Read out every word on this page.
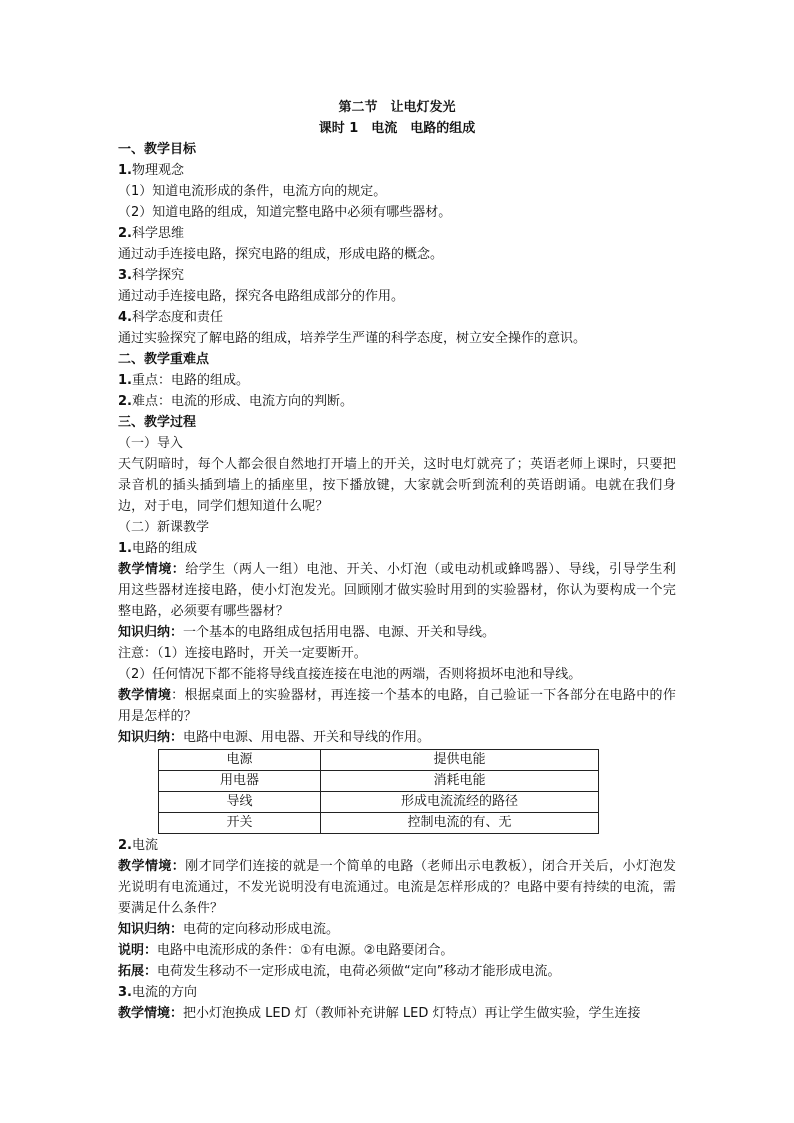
第二节　让电灯发光
课时 1　电流　电路的组成
一、教学目标
1.物理观念
（1）知道电流形成的条件，电流方向的规定。
（2）知道电路的组成，知道完整电路中必须有哪些器材。
2.科学思维
通过动手连接电路，探究电路的组成，形成电路的概念。
3.科学探究
通过动手连接电路，探究各电路组成部分的作用。
4.科学态度和责任
通过实验探究了解电路的组成，培养学生严谨的科学态度，树立安全操作的意识。
二、教学重难点
1.重点：电路的组成。
2.难点：电流的形成、电流方向的判断。
三、教学过程
（一）导入
天气阴暗时，每个人都会很自然地打开墙上的开关，这时电灯就亮了；英语老师上课时，只要把录音机的插头插到墙上的插座里，按下播放键，大家就会听到流利的英语朗诵。电就在我们身边，对于电，同学们想知道什么呢？
（二）新课教学
1.电路的组成
教学情境：给学生（两人一组）电池、开关、小灯泡（或电动机或蜂鸣器）、导线，引导学生利用这些器材连接电路，使小灯泡发光。回顾刚才做实验时用到的实验器材，你认为要构成一个完整电路，必须要有哪些器材？
知识归纳：一个基本的电路组成包括用电器、电源、开关和导线。
注意：（1）连接电路时，开关一定要断开。
（2）任何情况下都不能将导线直接连接在电池的两端，否则将损坏电池和导线。
教学情境：根据桌面上的实验器材，再连接一个基本的电路，自己验证一下各部分在电路中的作用是怎样的？
知识归纳：电路中电源、用电器、开关和导线的作用。
电源	提供电能
用电器	消耗电能
导线	形成电流流经的路径
开关	控制电流的有、无
2.电流
教学情境：刚才同学们连接的就是一个简单的电路（老师出示电教板），闭合开关后，小灯泡发光说明有电流通过，不发光说明没有电流通过。电流是怎样形成的？电路中要有持续的电流，需要满足什么条件？
知识归纳：电荷的定向移动形成电流。
说明：电路中电流形成的条件：①有电源。②电路要闭合。
拓展：电荷发生移动不一定形成电流，电荷必须做“定向”移动才能形成电流。
3.电流的方向
教学情境：把小灯泡换成 LED 灯（教师补充讲解 LED 灯特点）再让学生做实验，学生连接
